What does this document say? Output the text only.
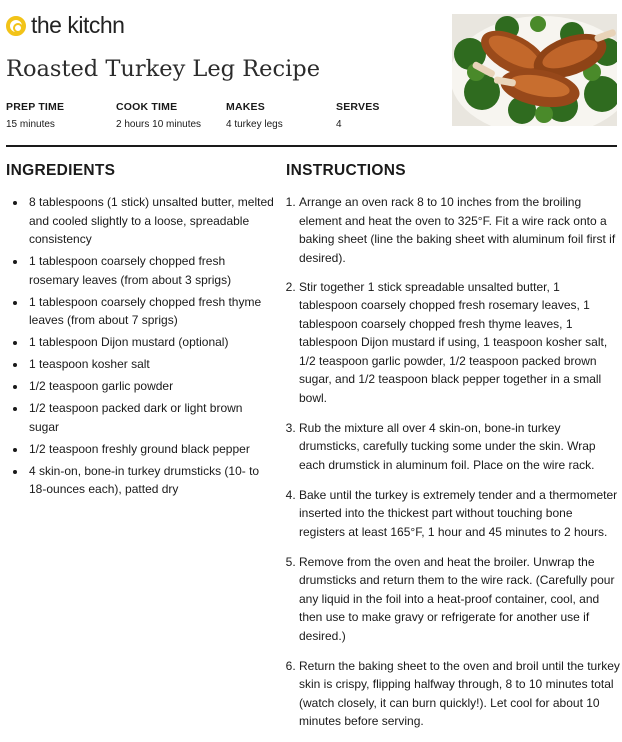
the kitchn
Roasted Turkey Leg Recipe

PREP TIME

15 minutes

COOK TIME

2 hours 10 minutes

MAKES

4 turkey legs

SERVES

4
INGREDIENTS	INSTRUCTIONS
• 8 tablespoons (1 stick) unsalted butter, melted and cooled slightly to a loose, spreadable consistency
• 1 tablespoon coarsely chopped fresh rosemary leaves (from about 3 sprigs)
• 1 tablespoon coarsely chopped fresh thyme leaves (from about 7 sprigs)
• 1 tablespoon Dijon mustard (optional)
• 1 teaspoon kosher salt
• 1/2 teaspoon garlic powder
• 1/2 teaspoon packed dark or light brown sugar
• 1/2 teaspoon freshly ground black pepper
• 4 skin-on, bone-in turkey drumsticks (10- to 18-ounces each), patted dry
1. Arrange an oven rack 8 to 10 inches from the broiling element and heat the oven to 325°F. Fit a wire rack onto a baking sheet (line the baking sheet with aluminum foil first if desired).
2. Stir together 1 stick spreadable unsalted butter, 1 tablespoon coarsely chopped fresh rosemary leaves, 1 tablespoon coarsely chopped fresh thyme leaves, 1 tablespoon Dijon mustard if using, 1 teaspoon kosher salt, 1/2 teaspoon garlic powder, 1/2 teaspoon packed brown sugar, and 1/2 teaspoon black pepper together in a small bowl.
3. Rub the mixture all over 4 skin-on, bone-in turkey drumsticks, carefully tucking some under the skin. Wrap each drumstick in aluminum foil. Place on the wire rack.
4. Bake until the turkey is extremely tender and a thermometer inserted into the thickest part without touching bone registers at least 165°F, 1 hour and 45 minutes to 2 hours.
5. Remove from the oven and heat the broiler. Unwrap the drumsticks and return them to the wire rack. (Carefully pour any liquid in the foil into a heat-proof container, cool, and then use to make gravy or refrigerate for another use if desired.)
6. Return the baking sheet to the oven and broil until the turkey skin is crispy, flipping halfway through, 8 to 10 minutes total (watch closely, it can burn quickly!). Let cool for about 10 minutes before serving.
